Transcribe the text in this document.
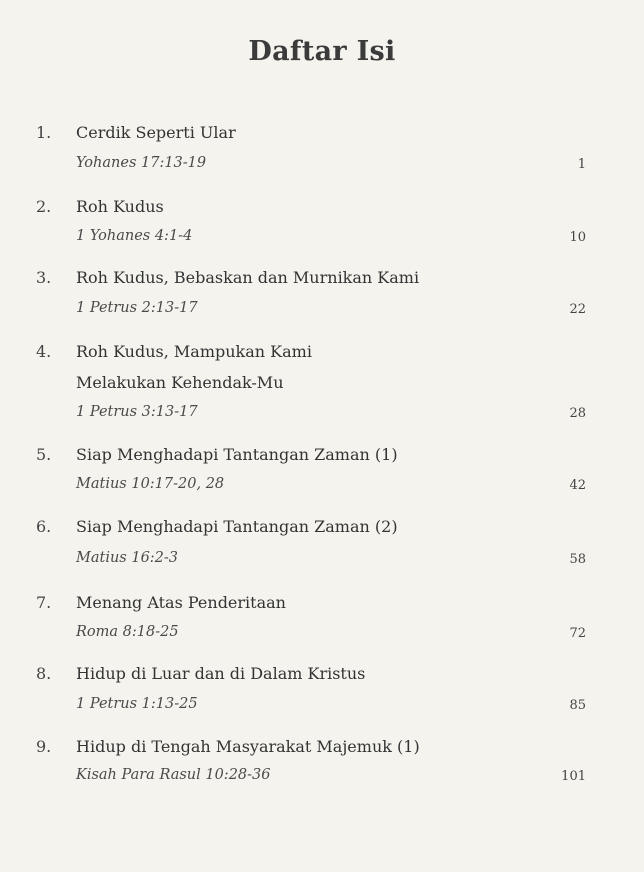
Daftar Isi
1.	Cerdik Seperti Ular
Yohanes 17:13-19	1
2.	Roh Kudus
1 Yohanes 4:1-4	10
3.	Roh Kudus, Bebaskan dan Murnikan Kami
1 Petrus 2:13-17	22
4.	Roh Kudus, Mampukan Kami
Melakukan Kehendak-Mu
1 Petrus 3:13-17	28
5.	Siap Menghadapi Tantangan Zaman (1)
Matius 10:17-20, 28	42
6.	Siap Menghadapi Tantangan Zaman (2)
Matius 16:2-3	58
7.	Menang Atas Penderitaan
Roma 8:18-25	72
8.	Hidup di Luar dan di Dalam Kristus
1 Petrus 1:13-25	85
9.	Hidup di Tengah Masyarakat Majemuk (1)
Kisah Para Rasul 10:28-36	101
